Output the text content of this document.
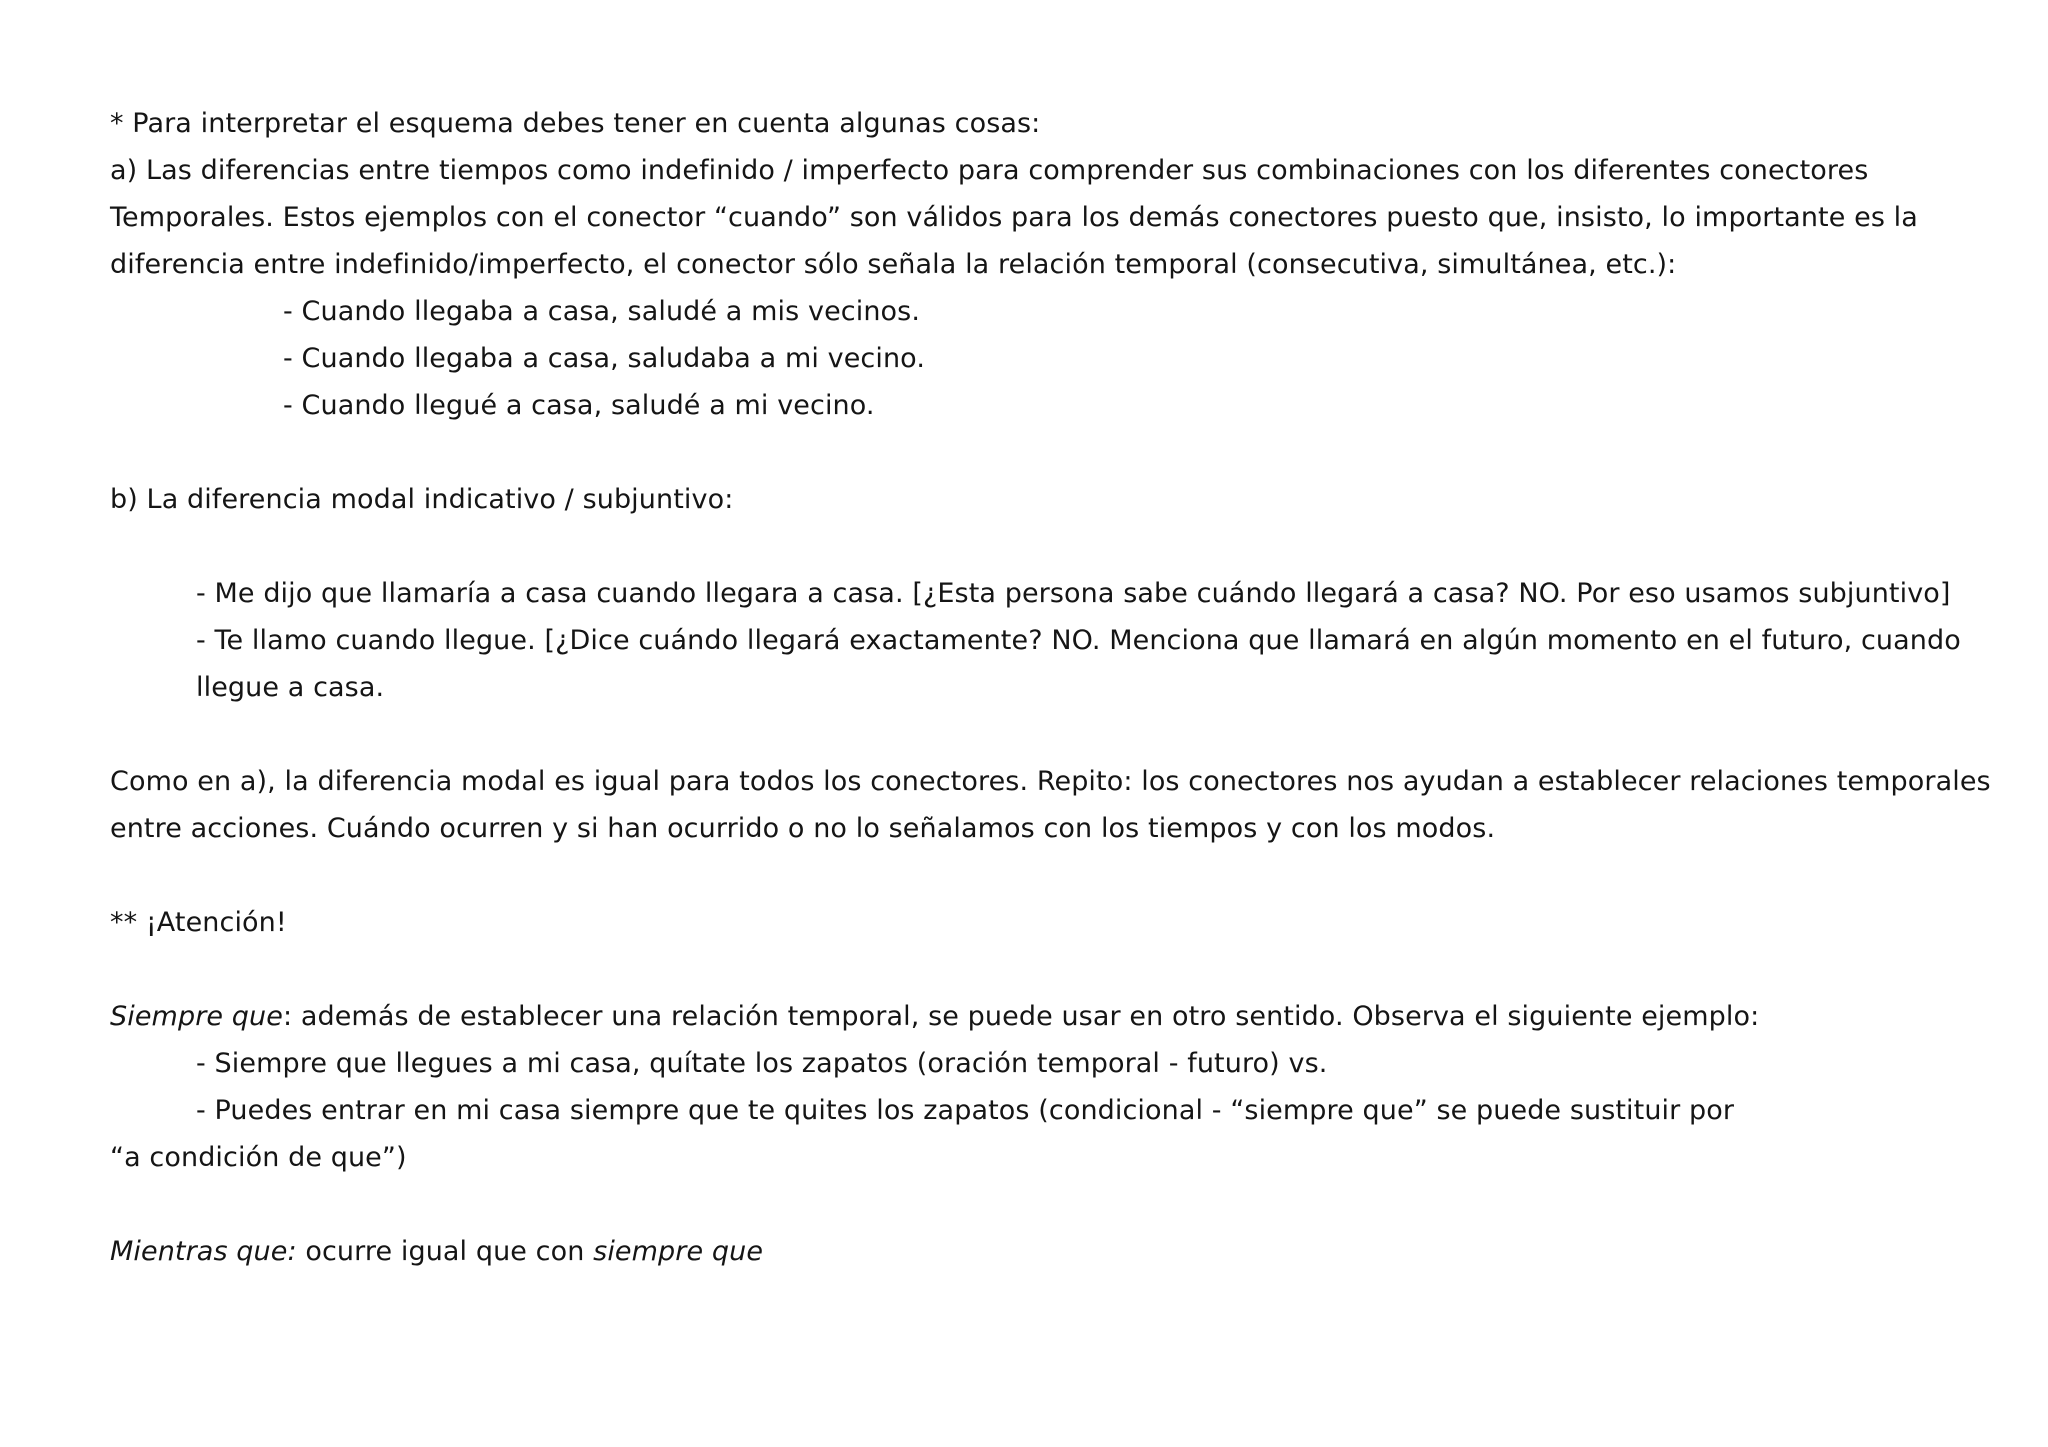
* Para interpretar el esquema debes tener en cuenta algunas cosas:
a) Las diferencias entre tiempos como indefinido / imperfecto para comprender sus combinaciones con los diferentes conectores
Temporales. Estos ejemplos con el conector “cuando” son válidos para los demás conectores puesto que, insisto, lo importante es la
diferencia entre indefinido/imperfecto, el conector sólo señala la relación temporal (consecutiva, simultánea, etc.):
- Cuando llegaba a casa, saludé a mis vecinos.
- Cuando llegaba a casa, saludaba a mi vecino.
- Cuando llegué a casa, saludé a mi vecino.
b) La diferencia modal indicativo / subjuntivo:
- Me dijo que llamaría a casa cuando llegara a casa. [¿Esta persona sabe cuándo llegará a casa? NO. Por eso usamos subjuntivo]
- Te llamo cuando llegue. [¿Dice cuándo llegará exactamente? NO. Menciona que llamará en algún momento en el futuro, cuando
llegue a casa.
Como en a), la diferencia modal es igual para todos los conectores. Repito: los conectores nos ayudan a establecer relaciones temporales
entre acciones. Cuándo ocurren y si han ocurrido o no lo señalamos con los tiempos y con los modos.
** ¡Atención!
Siempre que: además de establecer una relación temporal, se puede usar en otro sentido. Observa el siguiente ejemplo:
- Siempre que llegues a mi casa, quítate los zapatos (oración temporal - futuro) vs.
- Puedes entrar en mi casa siempre que te quites los zapatos (condicional - “siempre que” se puede sustituir por
“a condición de que”)
Mientras que: ocurre igual que con siempre que
